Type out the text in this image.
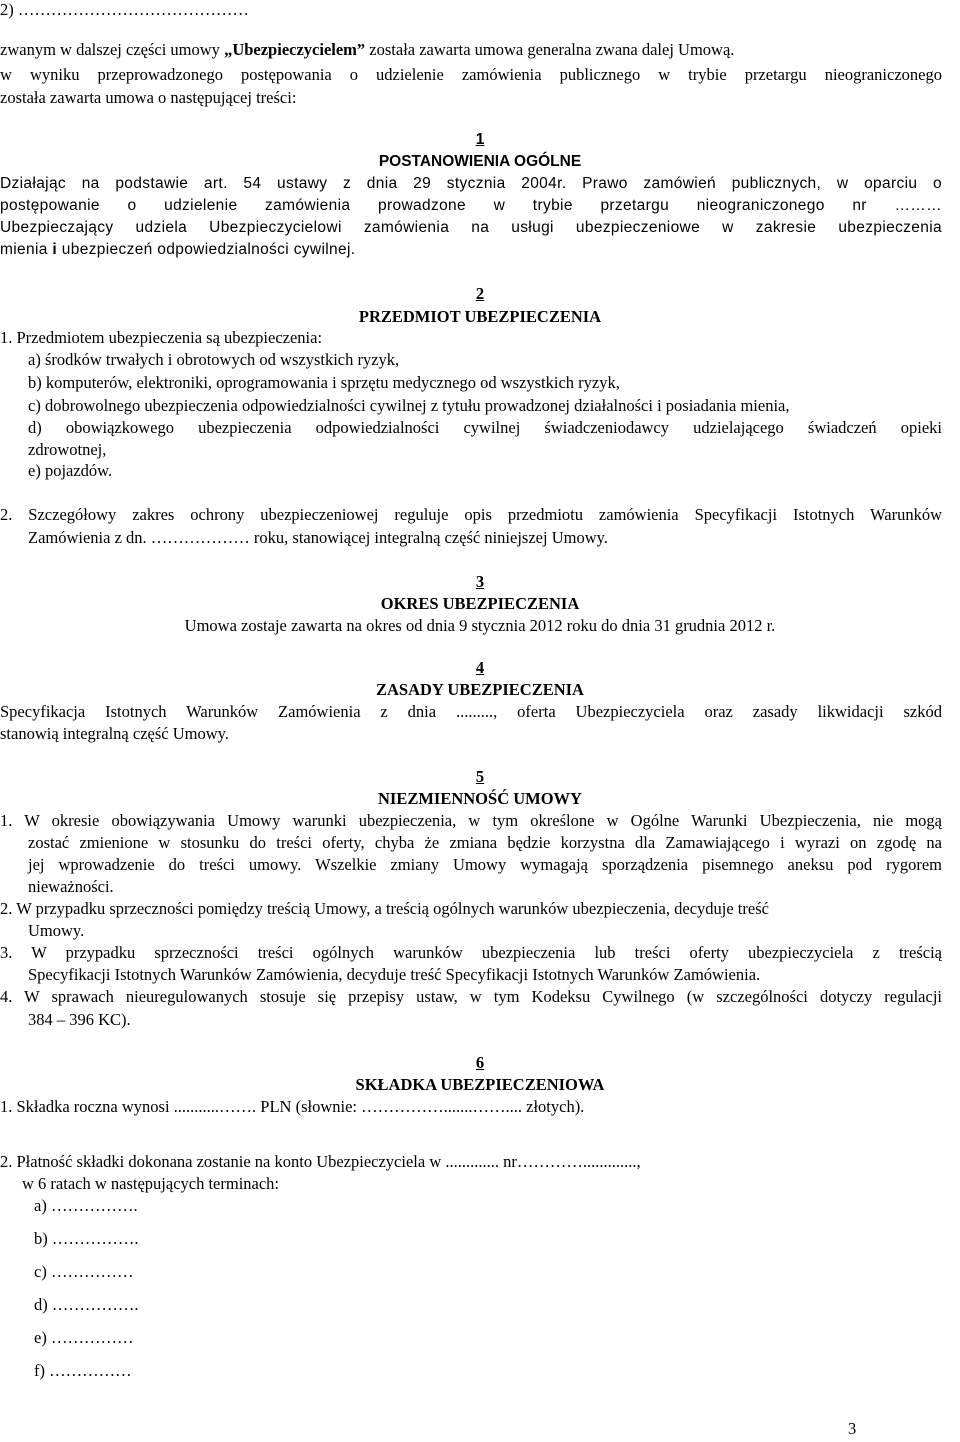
2) ……………………………………
zwanym w dalszej części umowy „Ubezpieczycielem” została zawarta umowa generalna zwana dalej Umową.
w wyniku przeprowadzonego postępowania o udzielenie zamówienia publicznego w trybie przetargu nieograniczonego
została zawarta umowa o następującej treści:
1
POSTANOWIENIA OGÓLNE
Działając na podstawie art. 54 ustawy z dnia 29 stycznia 2004r. Prawo zamówień publicznych, w oparciu o
postępowanie o udzielenie zamówienia prowadzone w trybie przetargu nieograniczonego nr ………
Ubezpieczający udziela Ubezpieczycielowi zamówienia na usługi ubezpieczeniowe w zakresie ubezpieczenia
mienia i ubezpieczeń odpowiedzialności cywilnej.
2
PRZEDMIOT UBEZPIECZENIA
1. Przedmiotem ubezpieczenia są ubezpieczenia:
a) środków trwałych i obrotowych od wszystkich ryzyk,
b) komputerów, elektroniki, oprogramowania i sprzętu medycznego od wszystkich ryzyk,
c) dobrowolnego ubezpieczenia odpowiedzialności cywilnej z tytułu prowadzonej działalności i posiadania mienia,
d) obowiązkowego ubezpieczenia odpowiedzialności cywilnej świadczeniodawcy udzielającego świadczeń opieki
zdrowotnej,
e) pojazdów.
2. Szczegółowy zakres ochrony ubezpieczeniowej reguluje opis przedmiotu zamówienia Specyfikacji Istotnych Warunków
Zamówienia z dn. ……………… roku, stanowiącej integralną część niniejszej Umowy.
3
OKRES UBEZPIECZENIA
Umowa zostaje zawarta na okres od dnia 9 stycznia 2012 roku do dnia 31 grudnia 2012 r.
4
ZASADY UBEZPIECZENIA
Specyfikacja Istotnych Warunków Zamówienia z dnia ........., oferta Ubezpieczyciela oraz zasady likwidacji szkód
stanowią integralną część Umowy.
5
NIEZMIENNOŚĆ UMOWY
1. W okresie obowiązywania Umowy warunki ubezpieczenia, w tym określone w Ogólne Warunki Ubezpieczenia, nie mogą
zostać zmienione w stosunku do treści oferty, chyba że zmiana będzie korzystna dla Zamawiającego i wyrazi on zgodę na
jej wprowadzenie do treści umowy. Wszelkie zmiany Umowy wymagają sporządzenia pisemnego aneksu pod rygorem
nieważności.
2. W przypadku sprzeczności pomiędzy treścią Umowy, a treścią ogólnych warunków ubezpieczenia, decyduje treść
Umowy.
3. W przypadku sprzeczności treści ogólnych warunków ubezpieczenia lub treści oferty ubezpieczyciela z treścią
Specyfikacji Istotnych Warunków Zamówienia, decyduje treść Specyfikacji Istotnych Warunków Zamówienia.
4. W sprawach nieuregulowanych stosuje się przepisy ustaw, w tym Kodeksu Cywilnego (w szczególności dotyczy regulacji
384 – 396 KC).
6
SKŁADKA UBEZPIECZENIOWA
1. Składka roczna wynosi ...........……. PLN (słownie: …………….......…….... złotych).
2. Płatność składki dokonana zostanie na konto Ubezpieczyciela w ............. nr………….............,
w 6 ratach w następujących terminach:
a) …………….
b) …………….
c) ……………
d) …………….
e) ……………
f) ……………
3
